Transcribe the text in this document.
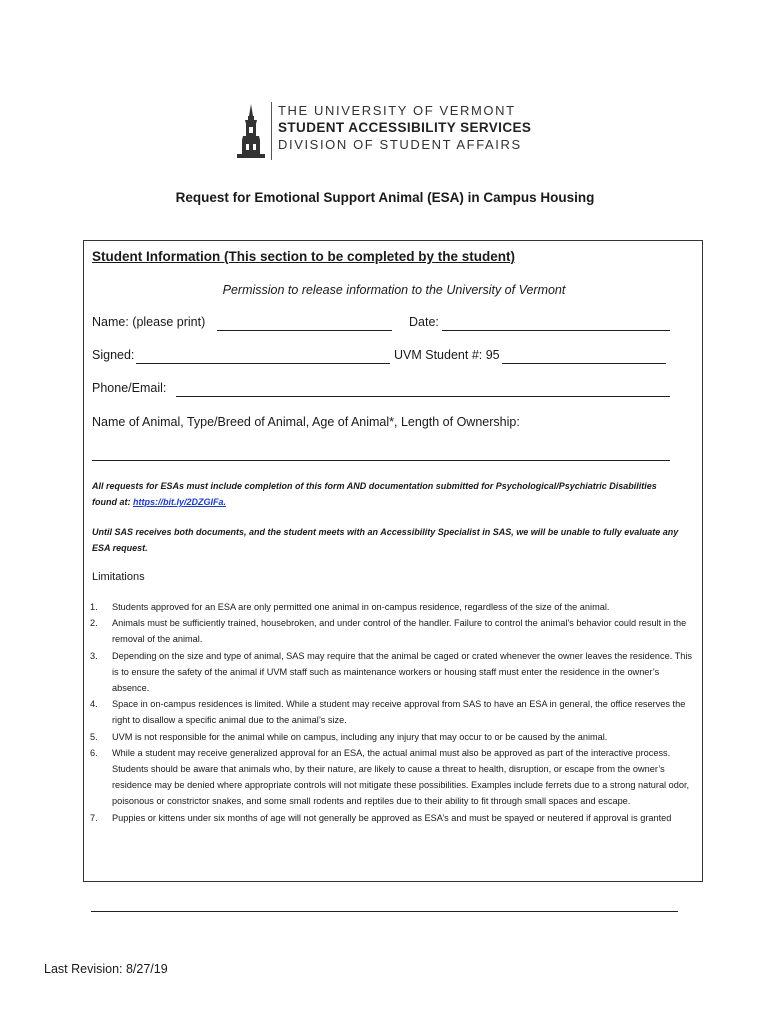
THE UNIVERSITY OF VERMONT
STUDENT ACCESSIBILITY SERVICES
DIVISION OF STUDENT AFFAIRS
Request for Emotional Support Animal (ESA) in Campus Housing
Student Information (This section to be completed by the student)
Permission to release information to the University of Vermont
Name: (please print)	Date:
Signed:	UVM Student #: 95
Phone/Email:
Name of Animal, Type/Breed of Animal, Age of Animal*, Length of Ownership:
All requests for ESAs must include completion of this form AND documentation submitted for Psychological/Psychiatric Disabilities found at: https://bit.ly/2DZGIFa.
Until SAS receives both documents, and the student meets with an Accessibility Specialist in SAS, we will be unable to fully evaluate any ESA request.
Limitations
1.	Students approved for an ESA are only permitted one animal in on-campus residence, regardless of the size of the animal.
2.	Animals must be sufficiently trained, housebroken, and under control of the handler. Failure to control the animal’s behavior could result in the removal of the animal.
3.	Depending on the size and type of animal, SAS may require that the animal be caged or crated whenever the owner leaves the residence. This is to ensure the safety of the animal if UVM staff such as maintenance workers or housing staff must enter the residence in the owner’s absence.
4.	Space in on-campus residences is limited. While a student may receive approval from SAS to have an ESA in general, the office reserves the right to disallow a specific animal due to the animal’s size.
5.	UVM is not responsible for the animal while on campus, including any injury that may occur to or be caused by the animal.
6.	While a student may receive generalized approval for an ESA, the actual animal must also be approved as part of the interactive process. Students should be aware that animals who, by their nature, are likely to cause a threat to health, disruption, or escape from the owner’s residence may be denied where appropriate controls will not mitigate these possibilities. Examples include ferrets due to a strong natural odor, poisonous or constrictor snakes, and some small rodents and reptiles due to their ability to fit through small spaces and escape.
7.	Puppies or kittens under six months of age will not generally be approved as ESA’s and must be spayed or neutered if approval is granted
Last Revision: 8/27/19
